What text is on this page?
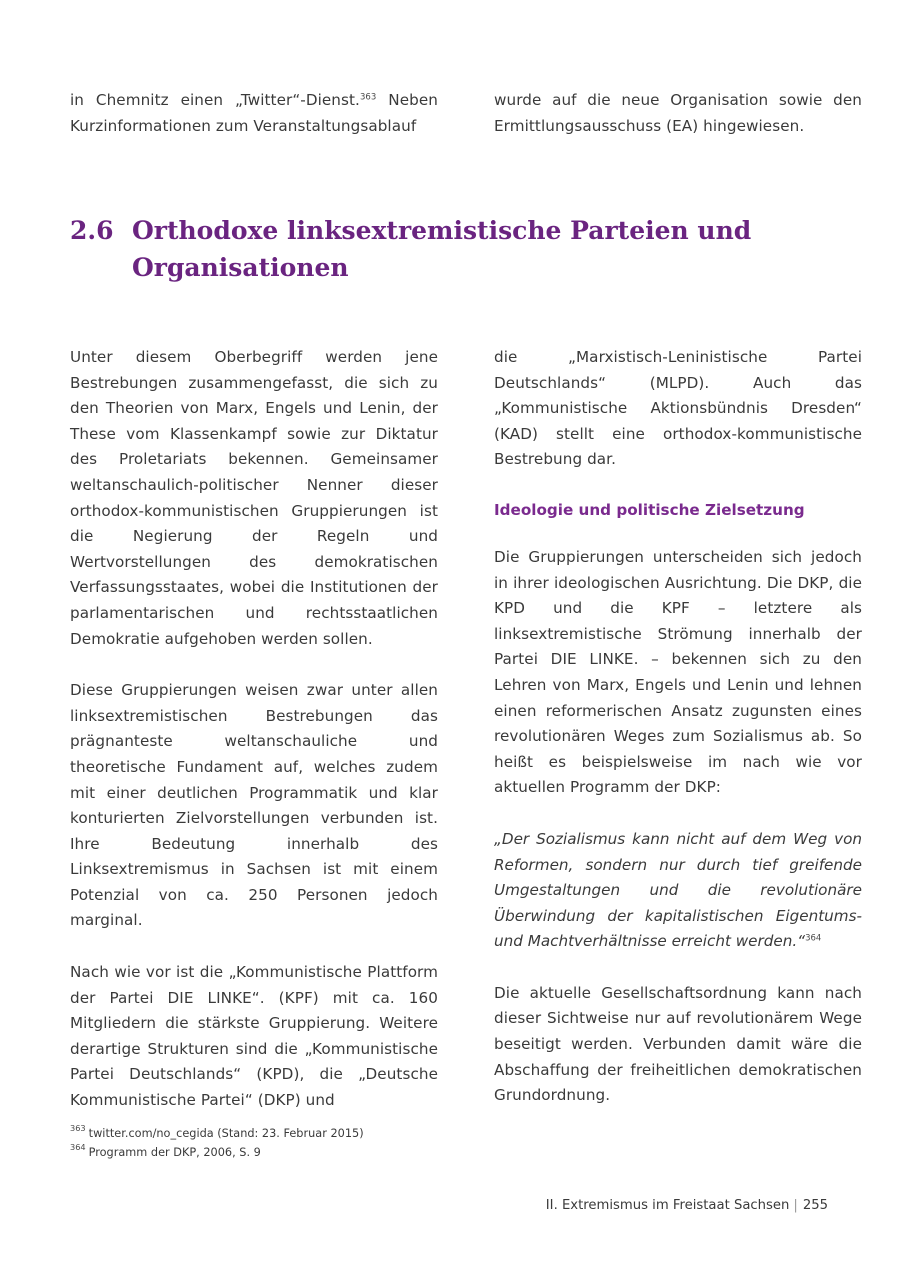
in Chemnitz einen „Twitter“-Dienst.$^{363}$ Neben Kurzinformationen zum Veranstaltungsablauf

wurde auf die neue Organisation sowie den Ermittlungsausschuss (EA) hingewiesen.

2.6 Orthodoxe linksextremistische Parteien und Organisationen

Unter diesem Oberbegriff werden jene Bestrebungen zusammengefasst, die sich zu den Theorien von Marx, Engels und Lenin, der These vom Klassenkampf sowie zur Diktatur des Proletariats bekennen. Gemeinsamer weltanschaulich-politischer Nenner dieser orthodox-kommunistischen Gruppierungen ist die Negierung der Regeln und Wertvorstellungen des demokratischen Verfassungsstaates, wobei die Institutionen der parlamentarischen und rechtsstaatlichen Demokratie aufgehoben werden sollen.

Diese Gruppierungen weisen zwar unter allen linksextremistischen Bestrebungen das prägnanteste weltanschauliche und theoretische Fundament auf, welches zudem mit einer deutlichen Programmatik und klar konturierten Zielvorstellungen verbunden ist. Ihre Bedeutung innerhalb des Linksextremismus in Sachsen ist mit einem Potenzial von ca. 250 Personen jedoch marginal.

Nach wie vor ist die „Kommunistische Plattform der Partei DIE LINKE“. (KPF) mit ca. 160 Mitgliedern die stärkste Gruppierung. Weitere derartige Strukturen sind die „Kommunistische Partei Deutschlands“ (KPD), die „Deutsche Kommunistische Partei“ (DKP) und

die „Marxistisch-Leninistische Partei Deutschlands“ (MLPD). Auch das „Kommunistische Aktionsbündnis Dresden“ (KAD) stellt eine orthodox-kommunistische Bestrebung dar.

Ideologie und politische Zielsetzung

Die Gruppierungen unterscheiden sich jedoch in ihrer ideologischen Ausrichtung. Die DKP, die KPD und die KPF – letztere als linksextremistische Strömung innerhalb der Partei DIE LINKE. – bekennen sich zu den Lehren von Marx, Engels und Lenin und lehnen einen reformerischen Ansatz zugunsten eines revolutionären Weges zum Sozialismus ab. So heißt es beispielsweise im nach wie vor aktuellen Programm der DKP:

„Der Sozialismus kann nicht auf dem Weg von Reformen, sondern nur durch tief greifende Umgestaltungen und die revolutionäre Überwindung der kapitalistischen Eigentums- und Machtverhältnisse erreicht werden.“$^{364}$

Die aktuelle Gesellschaftsordnung kann nach dieser Sichtweise nur auf revolutionärem Wege beseitigt werden. Verbunden damit wäre die Abschaffung der freiheitlichen demokratischen Grundordnung.

$^{363}$ twitter.com/no_cegida (Stand: 23. Februar 2015)
$^{364}$ Programm der DKP, 2006, S. 9
II. Extremismus im Freistaat Sachsen | 255
